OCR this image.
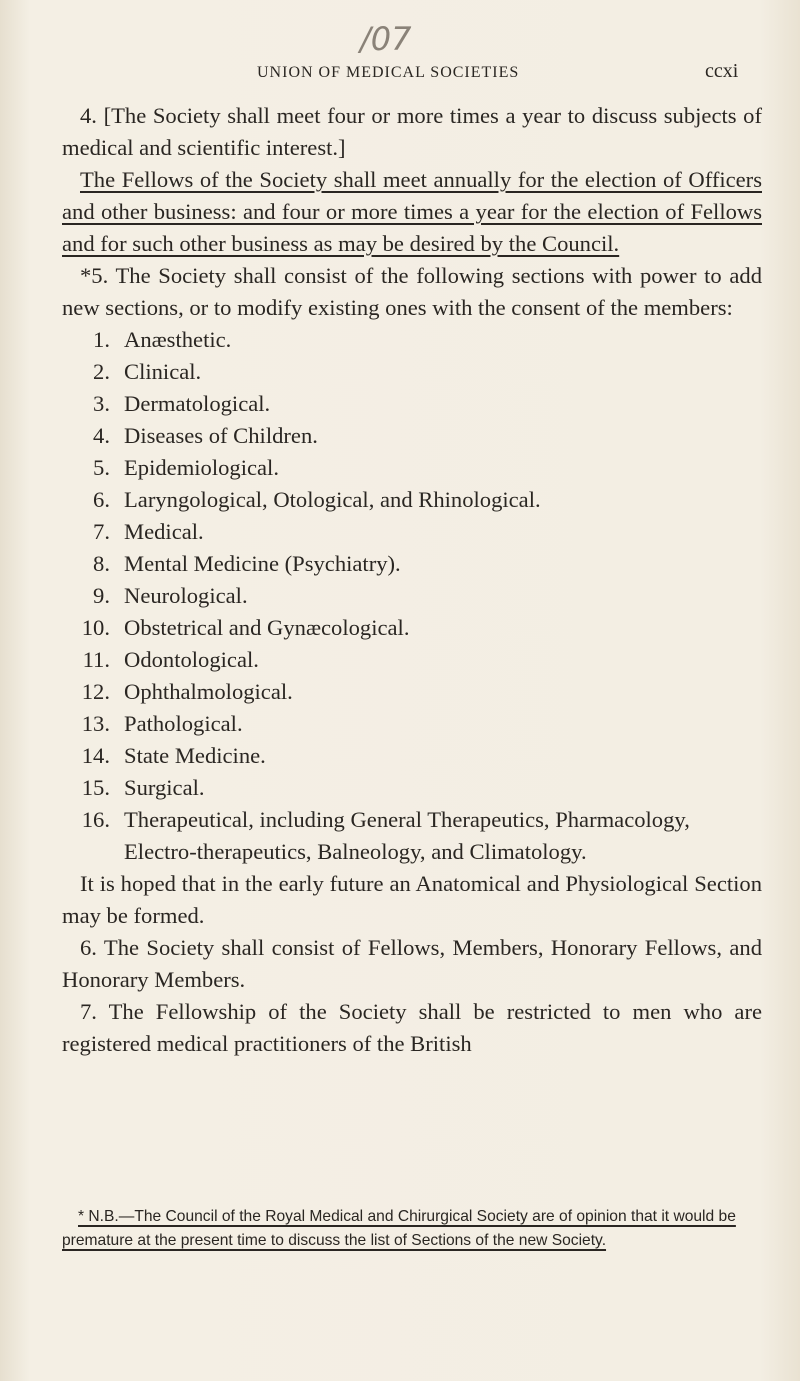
/07
UNION OF MEDICAL SOCIETIES	ccxi

4. [The Society shall meet four or more times a year to discuss subjects of medical and scientific interest.]

The Fellows of the Society shall meet annually for the election of Officers and other business: and four or more times a year for the election of Fellows and for such other business as may be desired by the Council.

*5. The Society shall consist of the following sections with power to add new sections, or to modify existing ones with the consent of the members:

1. Anæsthetic.
2. Clinical.
3. Dermatological.
4. Diseases of Children.
5. Epidemiological.
6. Laryngological, Otological, and Rhinological.
7. Medical.
8. Mental Medicine (Psychiatry).
9. Neurological.
10. Obstetrical and Gynæcological.
11. Odontological.
12. Ophthalmological.
13. Pathological.
14. State Medicine.
15. Surgical.
16. Therapeutical, including General Therapeutics, Pharmacology, Electro-therapeutics, Balneology, and Climatology.

It is hoped that in the early future an Anatomical and Physiological Section may be formed.

6. The Society shall consist of Fellows, Members, Honorary Fellows, and Honorary Members.

7. The Fellowship of the Society shall be restricted to men who are registered medical practitioners of the British

* N.B.—The Council of the Royal Medical and Chirurgical Society are of opinion that it would be premature at the present time to discuss the list of Sections of the new Society.
